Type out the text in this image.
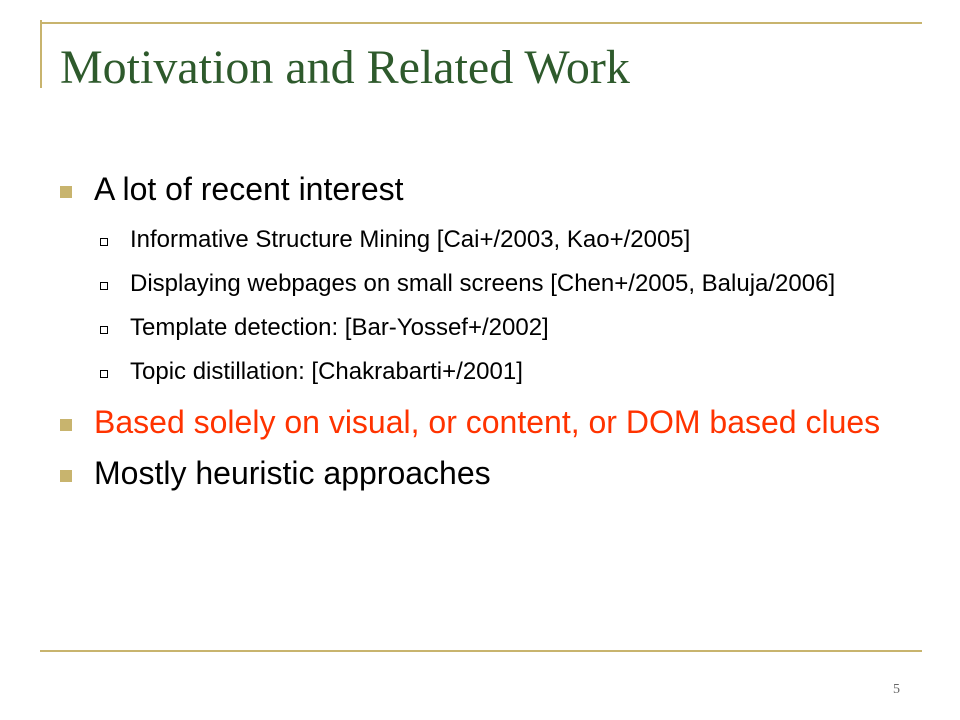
Motivation and Related Work
A lot of recent interest
Informative Structure Mining [Cai+/2003, Kao+/2005]
Displaying webpages on small screens [Chen+/2005, Baluja/2006]
Template detection: [Bar-Yossef+/2002]
Topic distillation: [Chakrabarti+/2001]
Based solely on visual, or content, or DOM based clues
Mostly heuristic approaches
5
